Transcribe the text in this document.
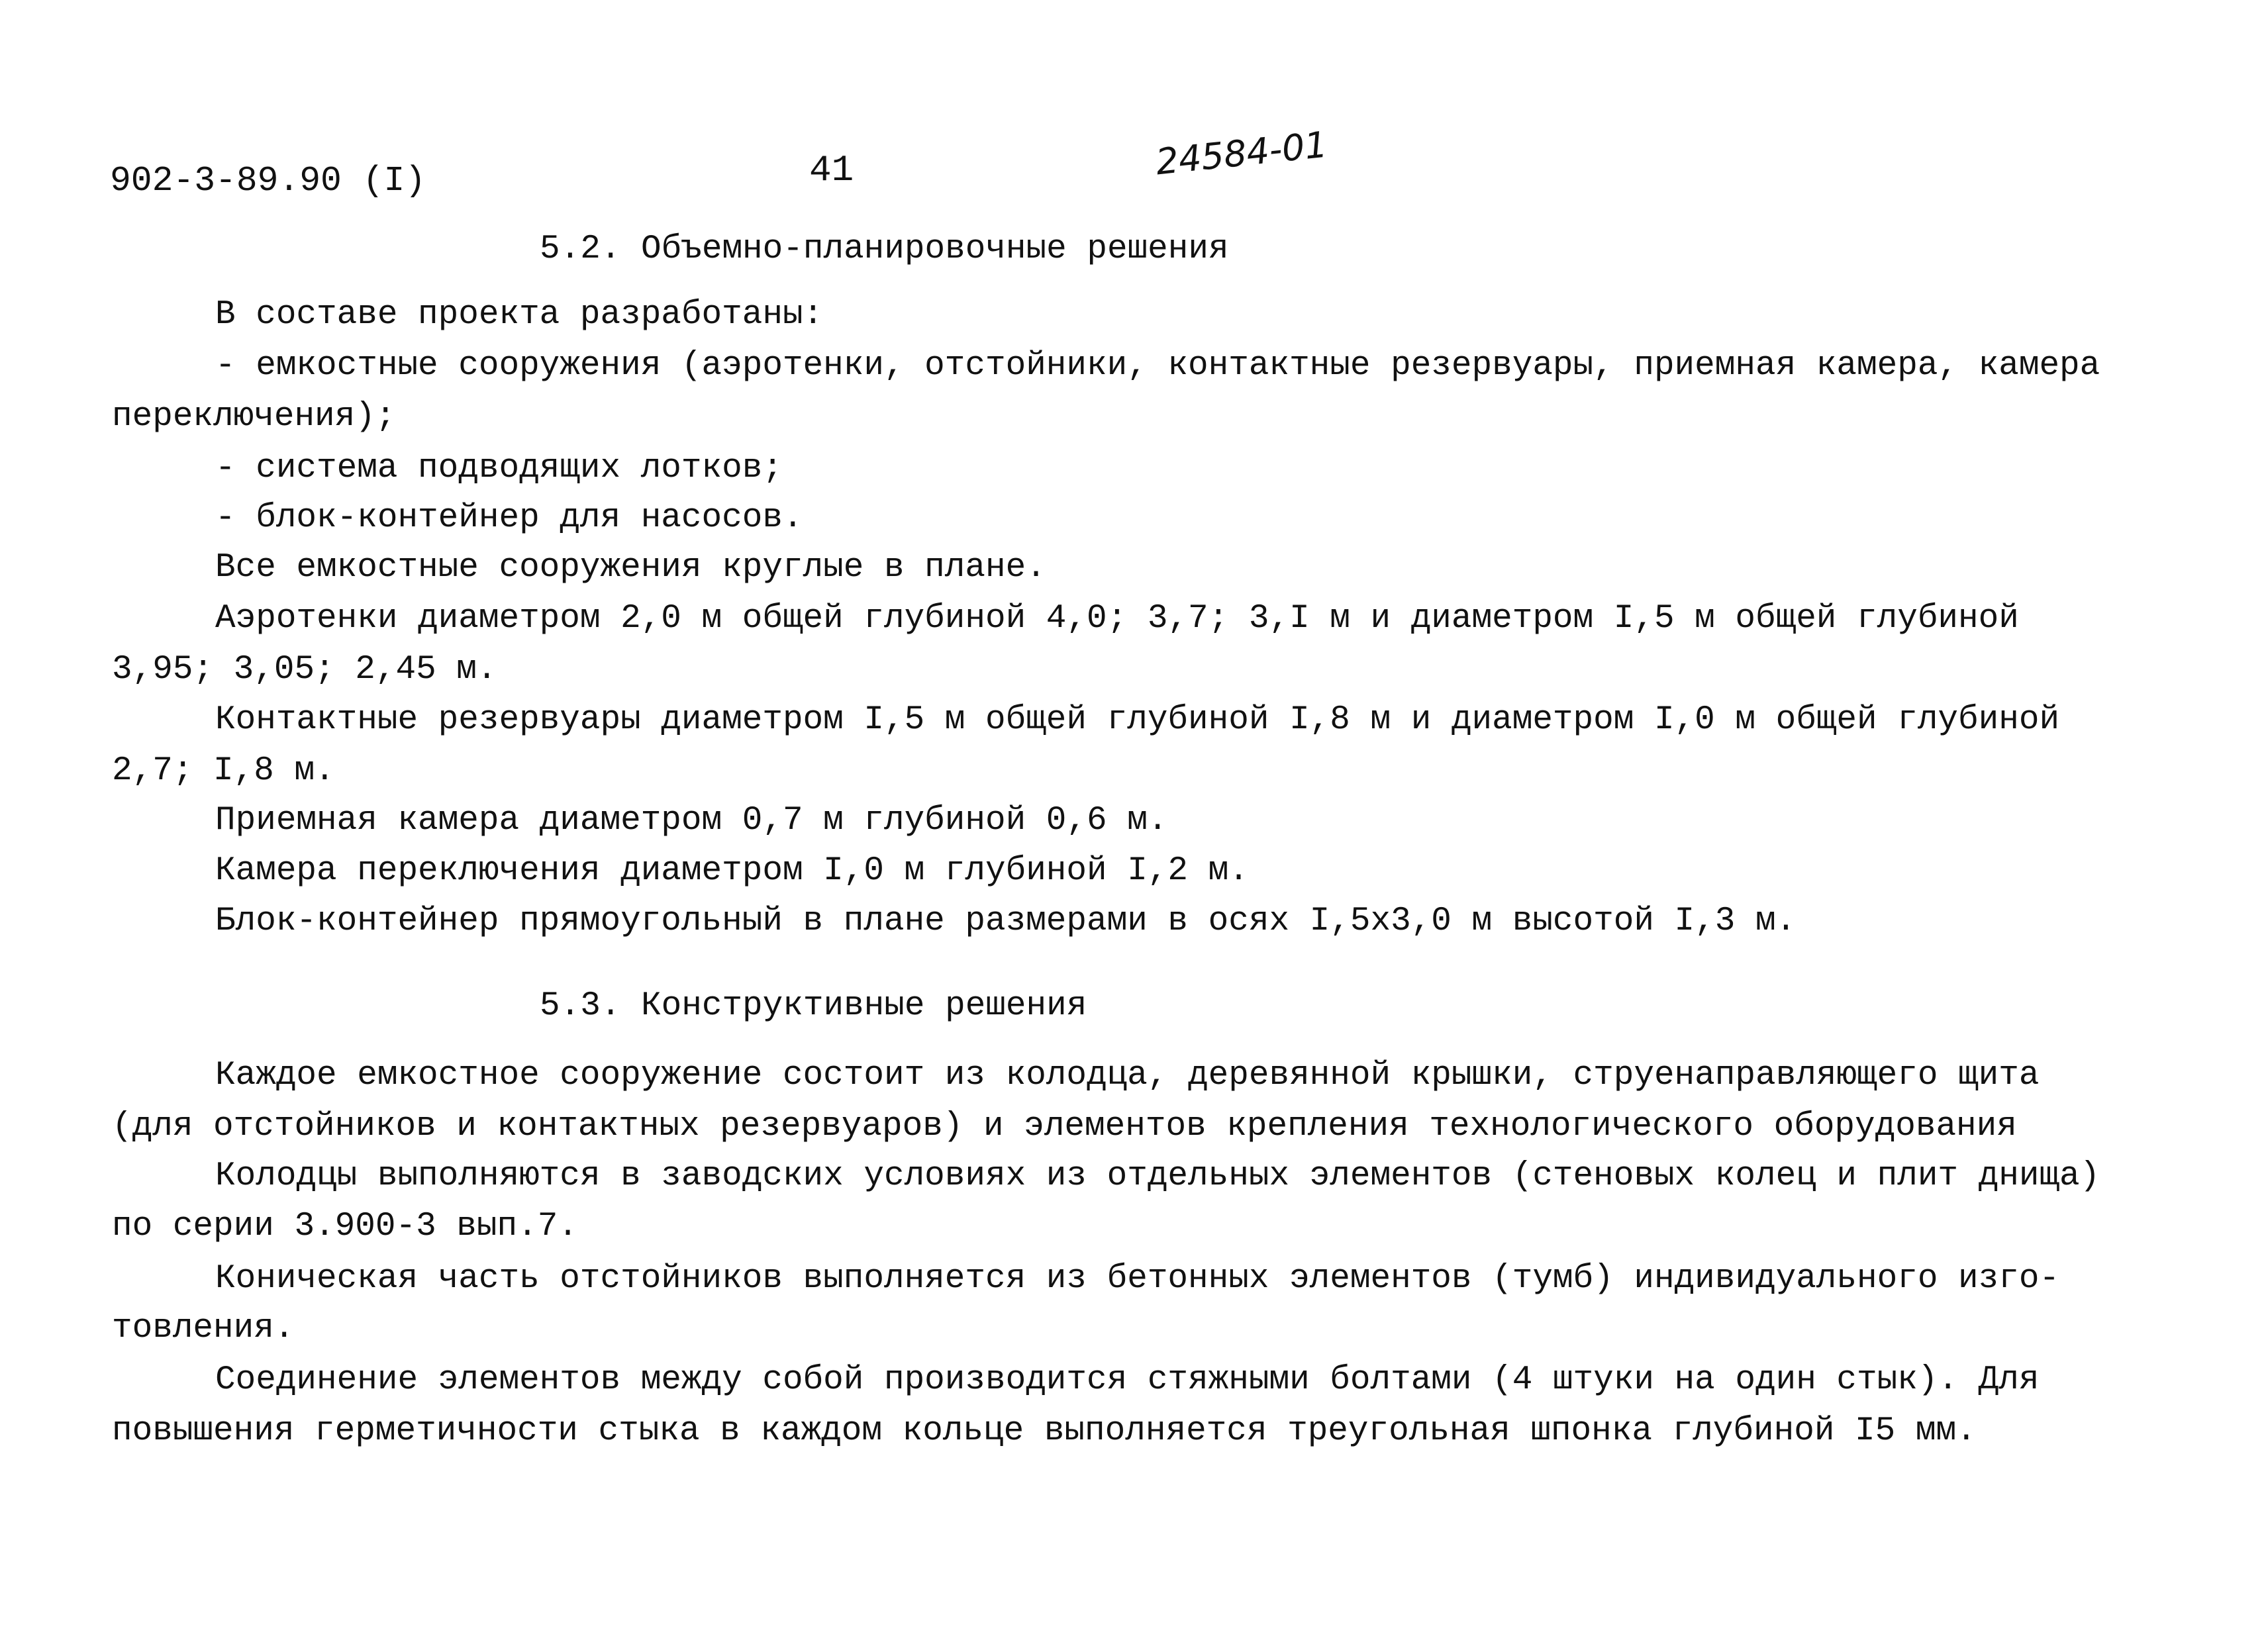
902-3-89.90 (I)	41	24584-01
5.2. Объемно-планировочные решения
В составе проекта разработаны:
- емкостные сооружения (аэротенки, отстойники, контактные резервуары, приемная камера, камера
переключения);
- система подводящих лотков;
- блок-контейнер для насосов.
Все емкостные сооружения круглые в плане.
Аэротенки диаметром 2,0 м общей глубиной 4,0; 3,7; 3,I м и диаметром I,5 м общей глубиной
3,95; 3,05; 2,45 м.
Контактные резервуары диаметром I,5 м общей глубиной I,8 м и диаметром I,0 м общей глубиной
2,7; I,8 м.
Приемная камера диаметром 0,7 м глубиной 0,6 м.
Камера переключения диаметром I,0 м глубиной I,2 м.
Блок-контейнер прямоугольный в плане размерами в осях I,5x3,0 м высотой I,3 м.
5.3. Конструктивные решения
Каждое емкостное сооружение состоит из колодца, деревянной крышки, струенаправляющего щита
(для отстойников и контактных резервуаров) и элементов крепления технологического оборудования
Колодцы выполняются в заводских условиях из отдельных элементов (стеновых колец и плит днища)
по серии 3.900-3 вып.7.
Коническая часть отстойников выполняется из бетонных элементов (тумб) индивидуального изго-
товления.
Соединение элементов между собой производится стяжными болтами (4 штуки на один стык). Для
повышения герметичности стыка в каждом кольце выполняется треугольная шпонка глубиной I5 мм.
